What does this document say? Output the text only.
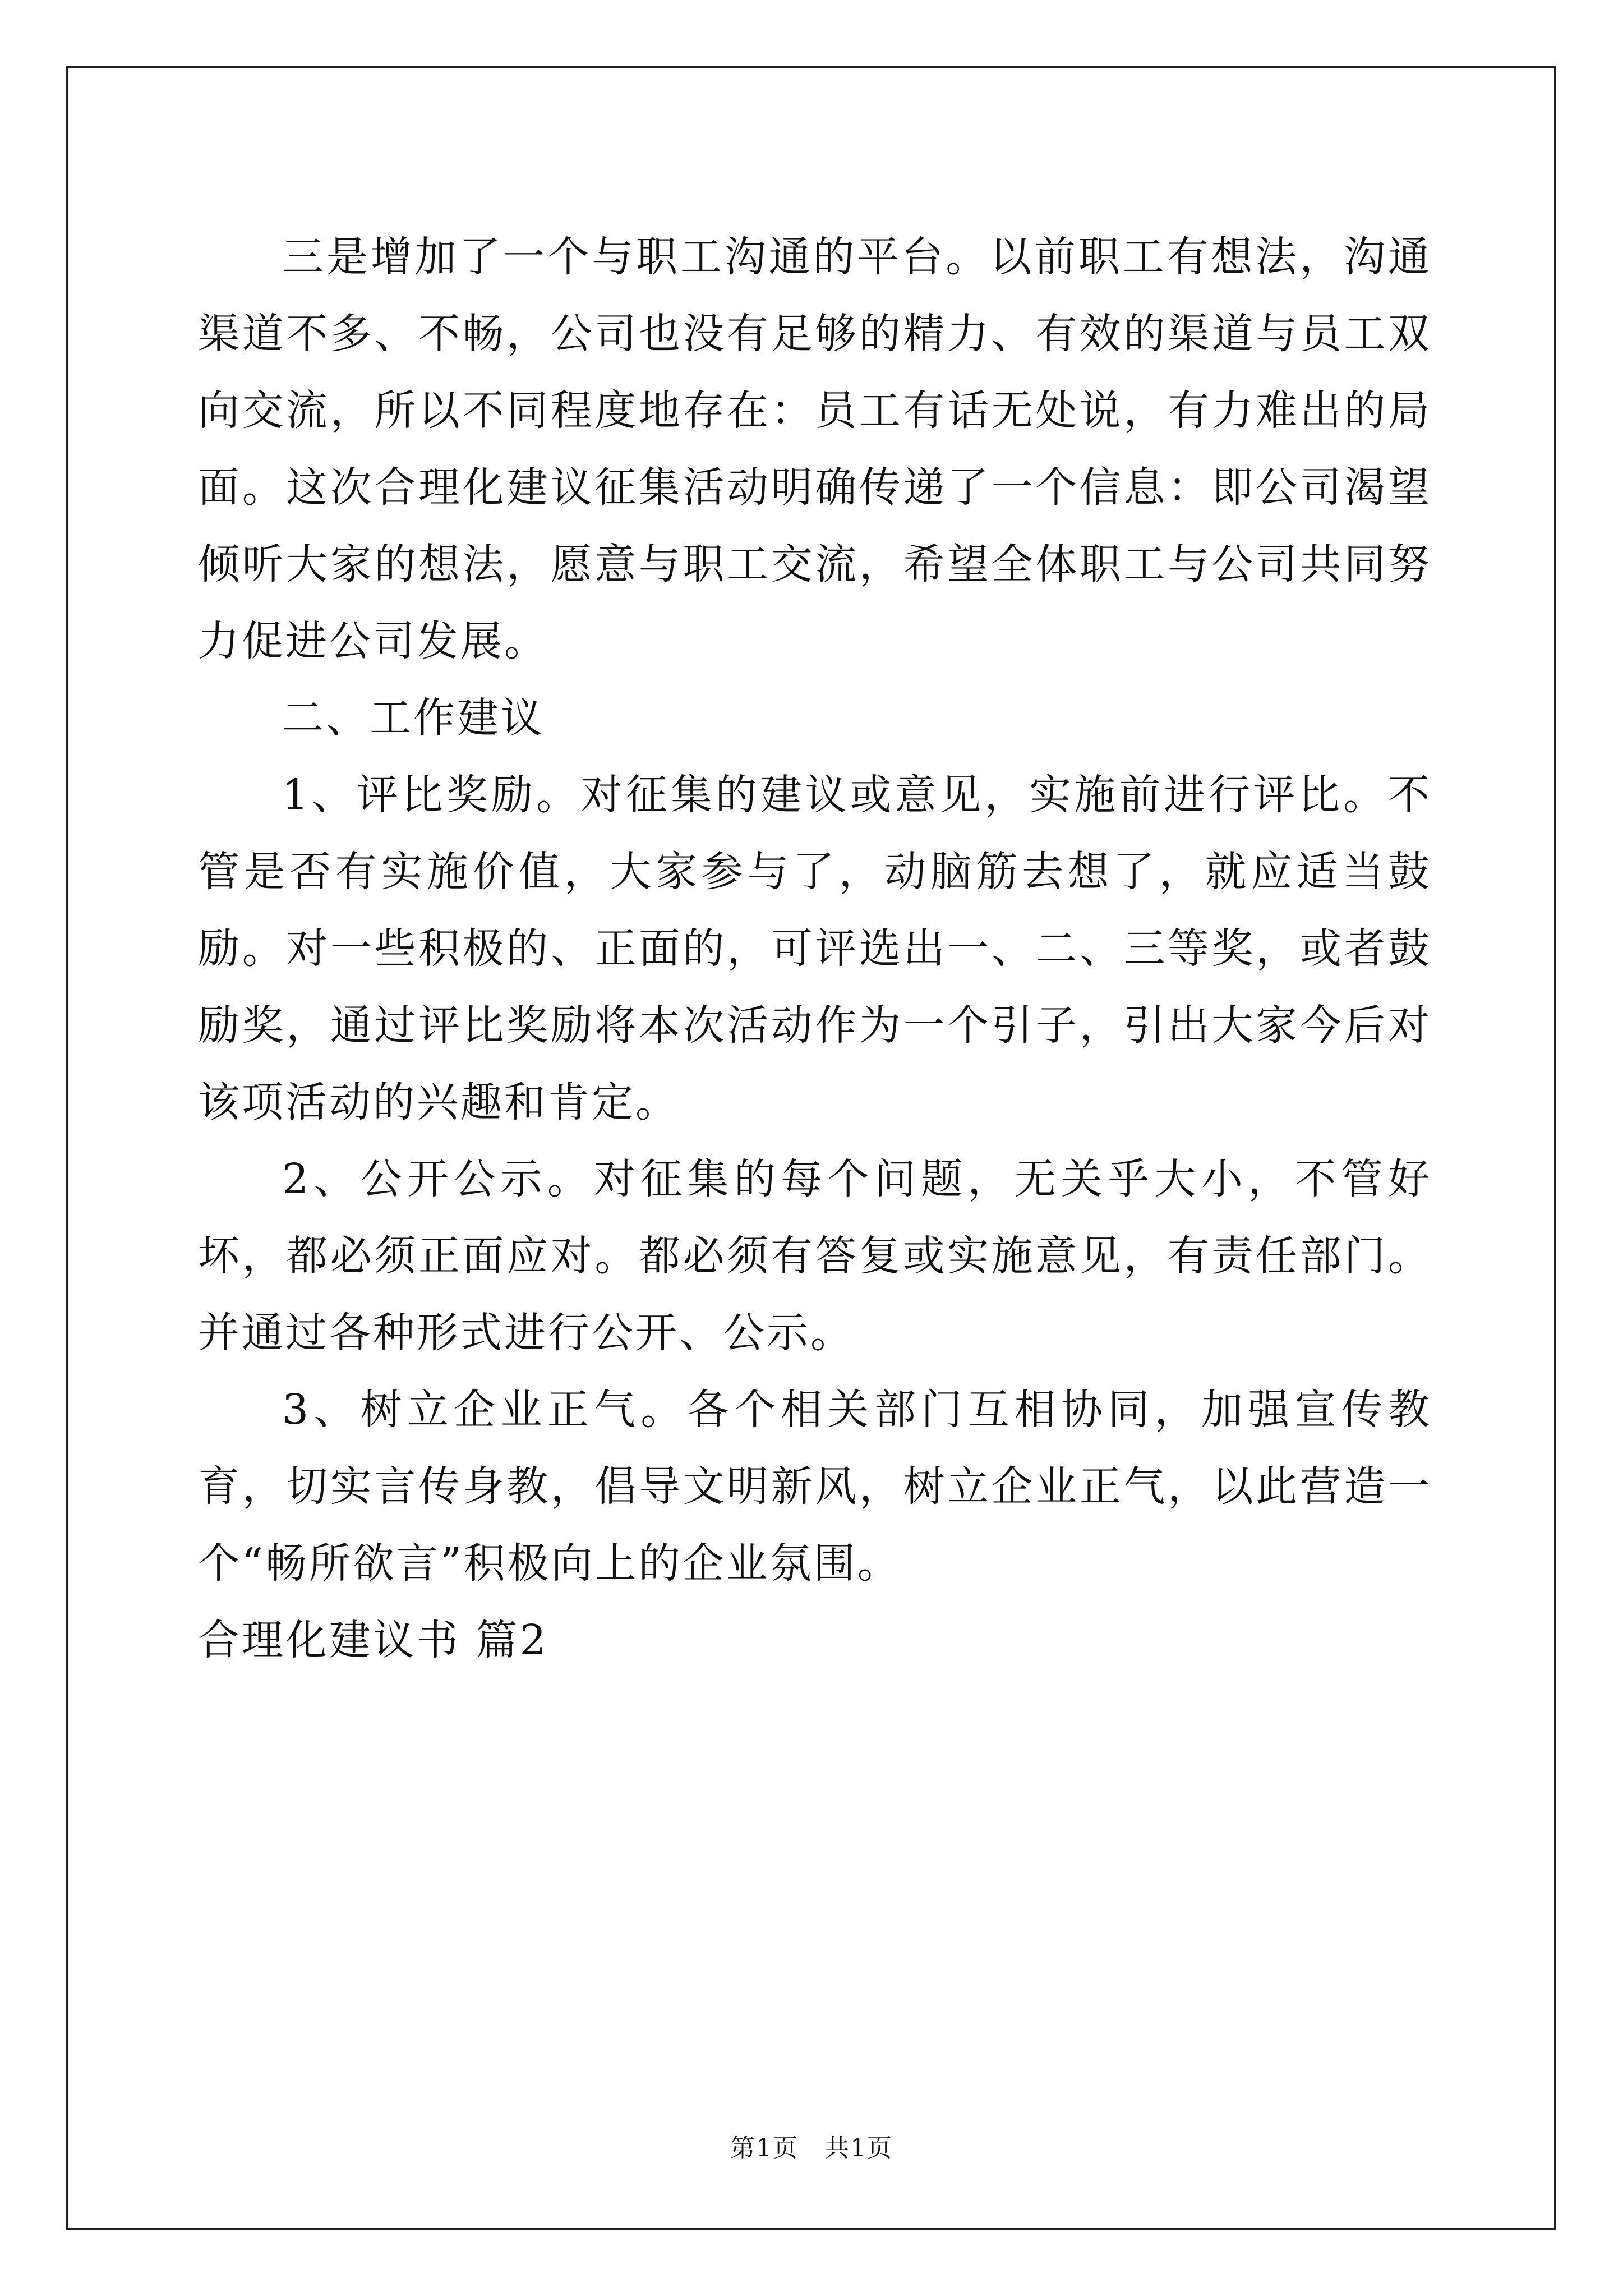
三是增加了一个与职工沟通的平台。以前职工有想法，沟通渠道不多、不畅，公司也没有足够的精力、有效的渠道与员工双向交流，所以不同程度地存在：员工有话无处说，有力难出的局面。这次合理化建议征集活动明确传递了一个信息：即公司渴望倾听大家的想法，愿意与职工交流，希望全体职工与公司共同努力促进公司发展。

二、工作建议

1、评比奖励。对征集的建议或意见，实施前进行评比。不管是否有实施价值，大家参与了，动脑筋去想了，就应适当鼓励。对一些积极的、正面的，可评选出一、二、三等奖，或者鼓励奖，通过评比奖励将本次活动作为一个引子，引出大家今后对该项活动的兴趣和肯定。

2、公开公示。对征集的每个问题，无关乎大小，不管好坏，都必须正面应对。都必须有答复或实施意见，有责任部门。并通过各种形式进行公开、公示。

3、树立企业正气。各个相关部门互相协同，加强宣传教育，切实言传身教，倡导文明新风，树立企业正气，以此营造一个“畅所欲言”积极向上的企业氛围。

合理化建议书 篇2

第1页　共1页
